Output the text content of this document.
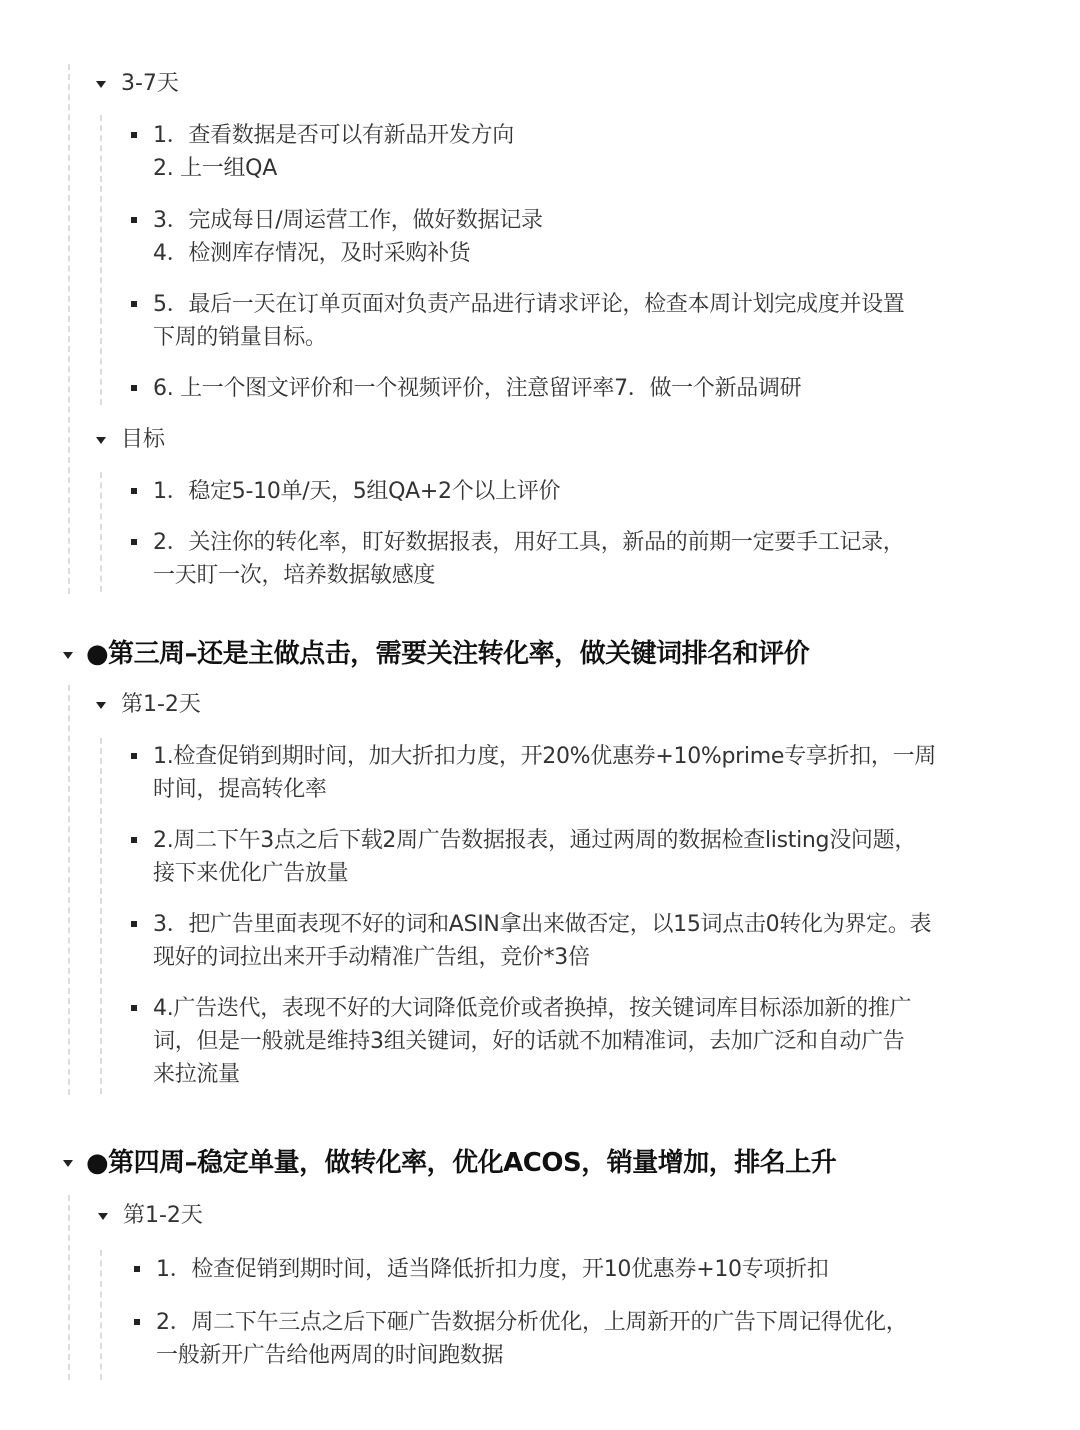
3-7天
1．查看数据是否可以有新品开发方向
2. 上一组QA
3．完成每日/周运营工作，做好数据记录
4．检测库存情况，及时采购补货
5．最后一天在订单页面对负责产品进行请求评论，检查本周计划完成度并设置
下周的销量目标。
6. 上一个图文评价和一个视频评价，注意留评率7．做一个新品调研
目标
1．稳定5-10单/天，5组QA+2个以上评价
2．关注你的转化率，盯好数据报表，用好工具，新品的前期一定要手工记录，
一天盯一次，培养数据敏感度
●第三周–还是主做点击，需要关注转化率，做关键词排名和评价
第1-2天
1.检查促销到期时间，加大折扣力度，开20%优惠券+10%prime专享折扣，一周
时间，提高转化率
2.周二下午3点之后下载2周广告数据报表，通过两周的数据检查listing没问题，
接下来优化广告放量
3．把广告里面表现不好的词和ASIN拿出来做否定，以15词点击0转化为界定。表
现好的词拉出来开手动精准广告组，竞价*3倍
4.广告迭代，表现不好的大词降低竞价或者换掉，按关键词库目标添加新的推广
词，但是一般就是维持3组关键词，好的话就不加精准词，去加广泛和自动广告
来拉流量
●第四周–稳定单量，做转化率，优化ACOS，销量增加，排名上升
第1-2天
1．检查促销到期时间，适当降低折扣力度，开10优惠券+10专项折扣
2．周二下午三点之后下砸广告数据分析优化，上周新开的广告下周记得优化，
一般新开广告给他两周的时间跑数据
